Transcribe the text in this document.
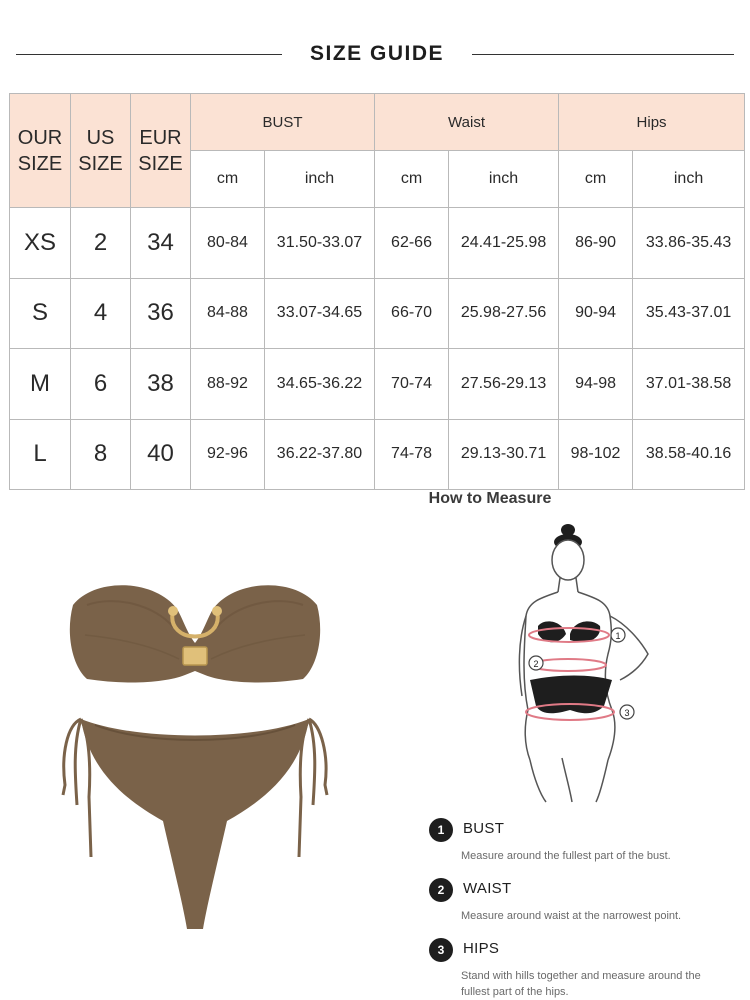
SIZE GUIDE
OUR SIZE	US SIZE	EUR SIZE	BUST		Waist		Hips	
			cm	inch	cm	inch	cm	inch
XS	2	34	80-84	31.50-33.07	62-66	24.41-25.98	86-90	33.86-35.43
S	4	36	84-88	33.07-34.65	66-70	25.98-27.56	90-94	35.43-37.01
M	6	38	88-92	34.65-36.22	70-74	27.56-29.13	94-98	37.01-38.58
L	8	40	92-96	36.22-37.80	74-78	29.13-30.71	98-102	38.58-40.16
How to Measure
1
2
3
1	BUST
Measure around the fullest part of the bust.
2	WAIST
Measure around waist at the narrowest point.
3	HIPS
Stand with hills together and measure around the fullest part of the hips.
